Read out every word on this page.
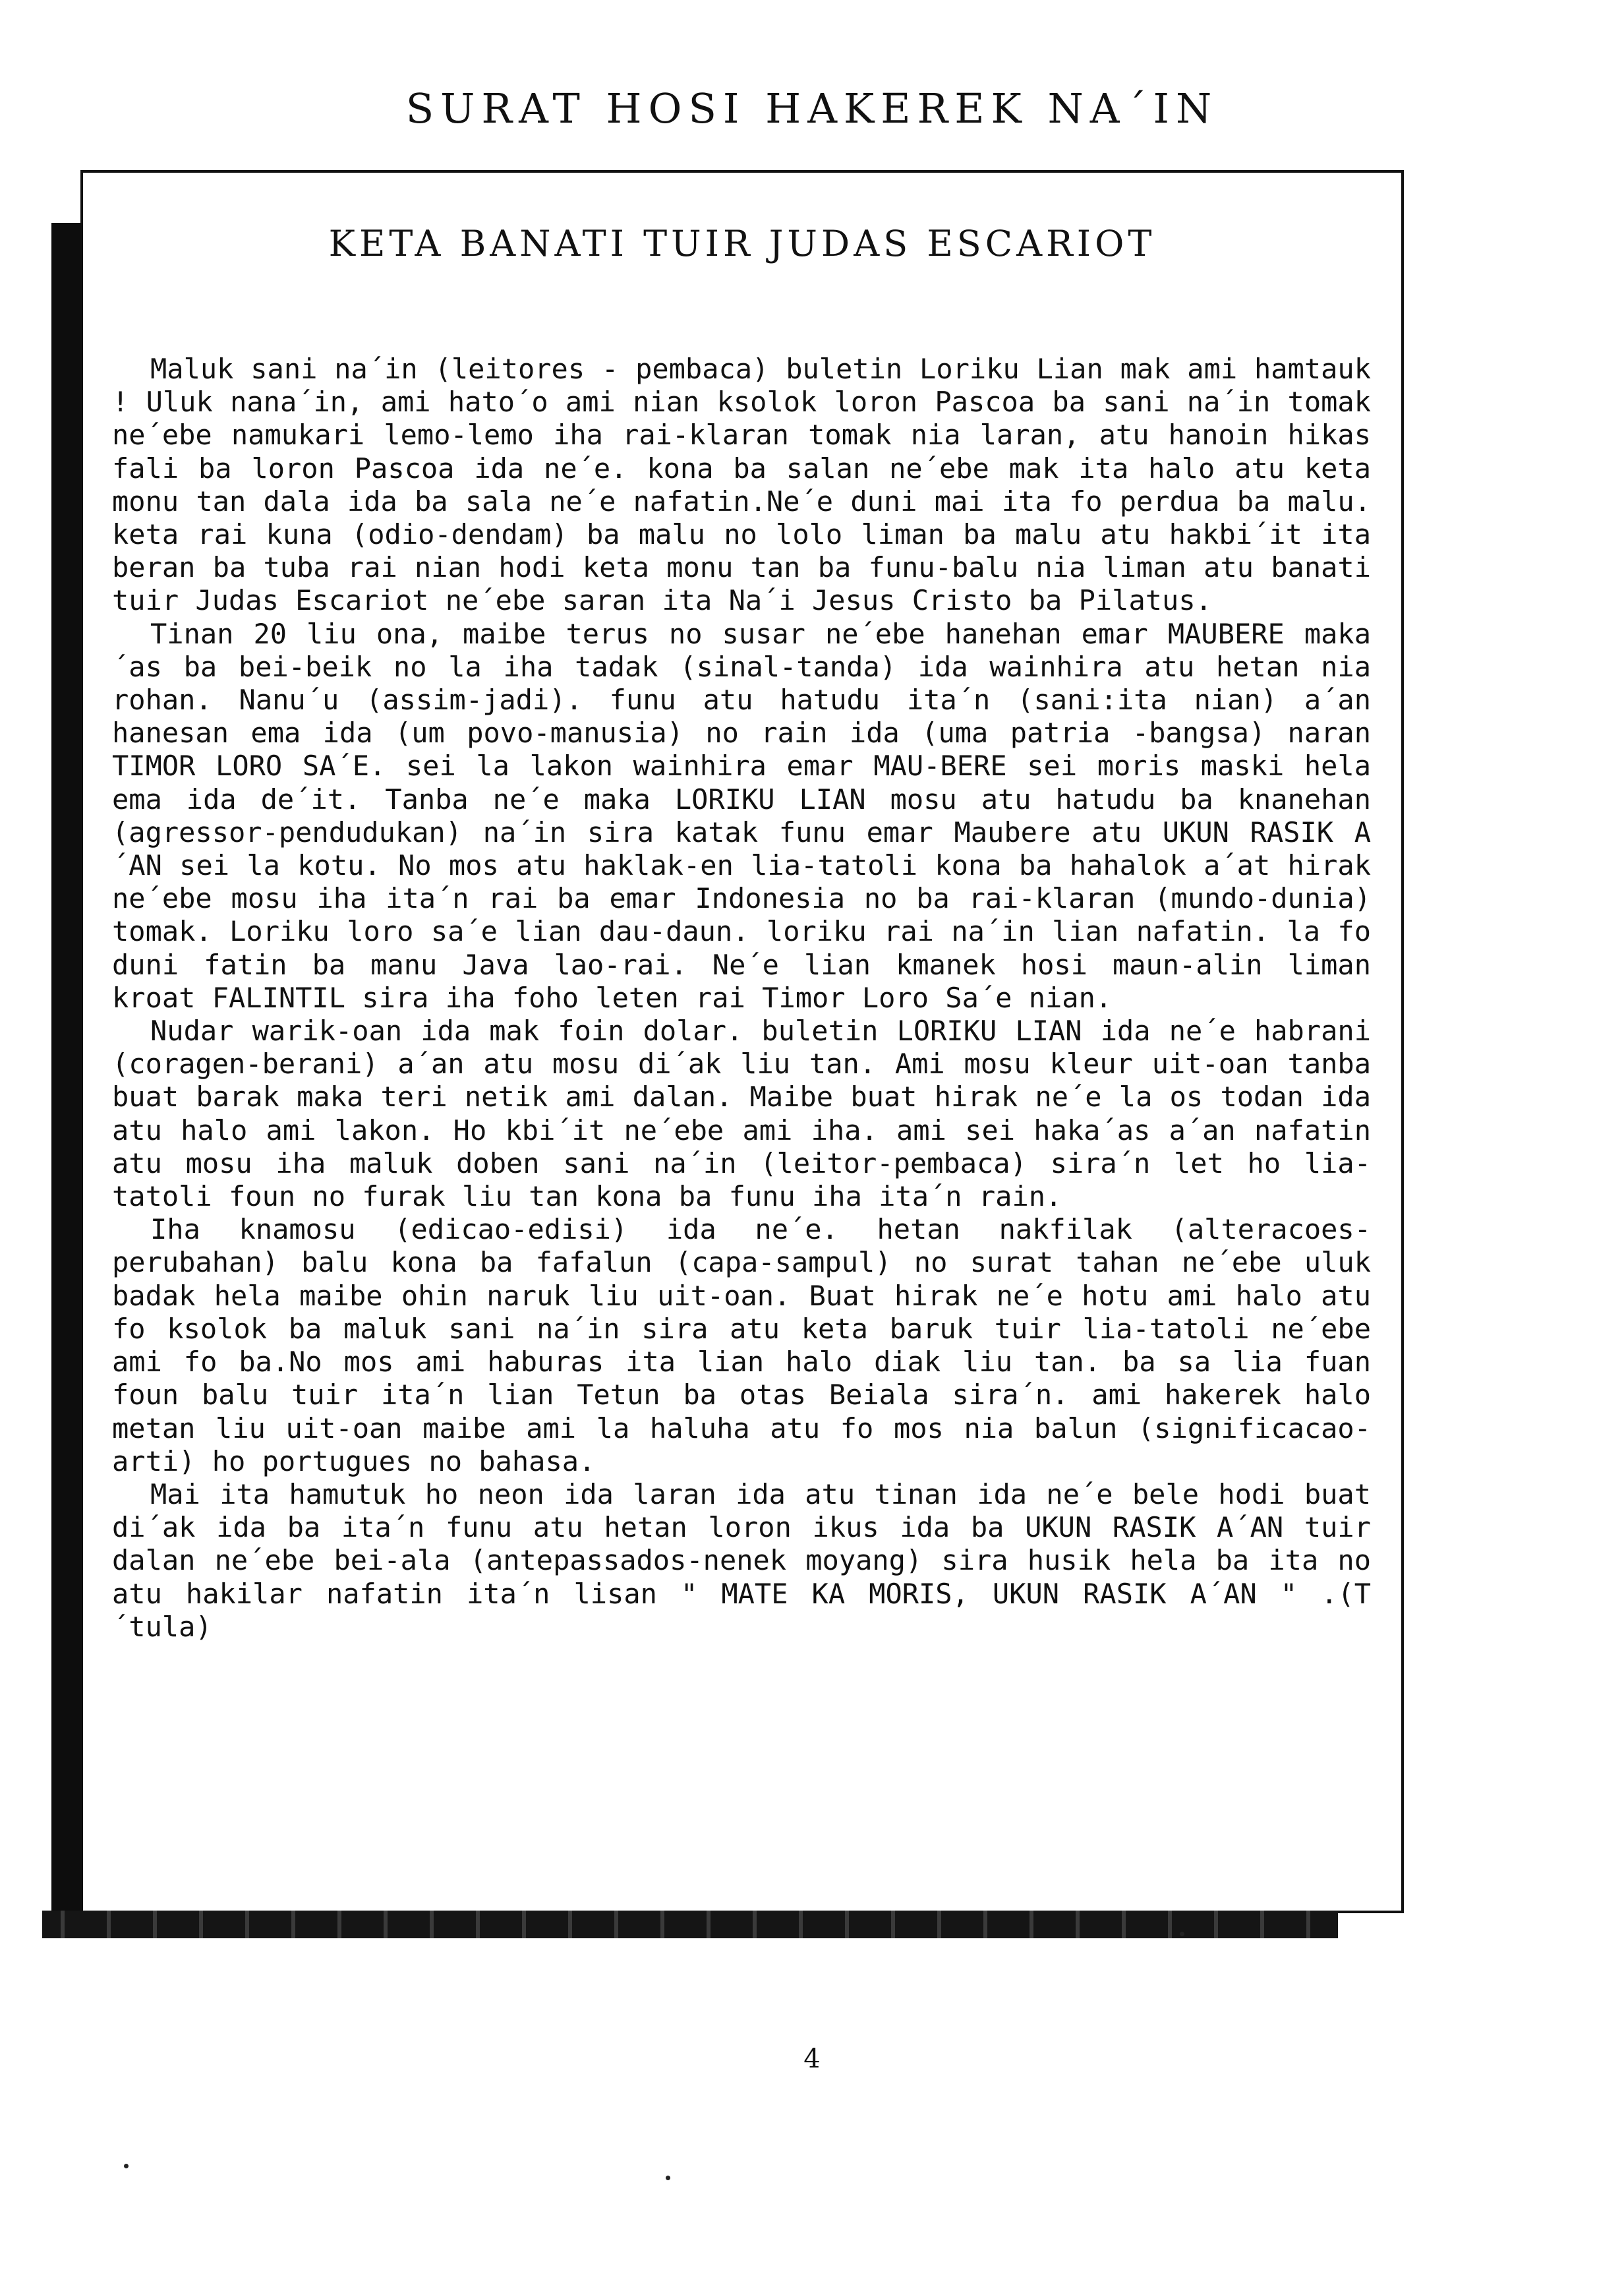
SURAT HOSI HAKEREK NA´IN
KETA BANATI TUIR JUDAS ESCARIOT

Maluk sani na´in (leitores - pembaca) buletin Loriku Lian mak ami hamtauk ! Uluk nana´in, ami hato´o ami nian ksolok loron Pascoa ba sani na´in tomak ne´ebe namukari lemo-lemo iha rai-klaran tomak nia laran, atu hanoin hikas fali ba loron Pascoa ida ne´e. kona ba salan ne´ebe mak ita halo atu keta monu tan dala ida ba sala ne´e nafatin.Ne´e duni mai ita fo perdua ba malu. keta rai kuna (odio-dendam) ba malu no lolo liman ba malu atu hakbi´it ita beran ba tuba rai nian hodi keta monu tan ba funu-balu nia liman atu banati tuir Judas Escariot ne´ebe saran ita Na´i Jesus Cristo ba Pilatus.

Tinan 20 liu ona, maibe terus no susar ne´ebe hanehan emar MAUBERE maka´as ba bei-beik no la iha tadak (sinal-tanda) ida wainhira atu hetan nia rohan. Nanu´u (assim-jadi). funu atu hatudu ita´n (sani:ita nian) a´an hanesan ema ida (um povo-manusia) no rain ida (uma patria -bangsa) naran TIMOR LORO SA´E. sei la lakon wainhira emar MAU-BERE sei moris maski hela ema ida de´it. Tanba ne´e maka LORIKU LIAN mosu atu hatudu ba knanehan (agressor-pendudukan) na´in sira katak funu emar Maubere atu UKUN RASIK A´AN sei la kotu. No mos atu haklak-en lia-tatoli kona ba hahalok a´at hirak ne´ebe mosu iha ita´n rai ba emar Indonesia no ba rai-klaran (mundo-dunia) tomak. Loriku loro sa´e lian dau-daun. loriku rai na´in lian nafatin. la fo duni fatin ba manu Java lao-rai. Ne´e lian kmanek hosi maun-alin liman kroat FALINTIL sira iha foho leten rai Timor Loro Sa´e nian.

Nudar warik-oan ida mak foin dolar. buletin LORIKU LIAN ida ne´e habrani (coragen-berani) a´an atu mosu di´ak liu tan. Ami mosu kleur uit-oan tanba buat barak maka teri netik ami dalan. Maibe buat hirak ne´e la os todan ida atu halo ami lakon. Ho kbi´it ne´ebe ami iha. ami sei haka´as a´an nafatin atu mosu iha maluk doben sani na´in (leitor-pembaca) sira´n let ho lia-tatoli foun no furak liu tan kona ba funu iha ita´n rain.

Iha knamosu (edicao-edisi) ida ne´e. hetan nakfilak (alteracoes-perubahan) balu kona ba fafalun (capa-sampul) no surat tahan ne´ebe uluk badak hela maibe ohin naruk liu uit-oan. Buat hirak ne´e hotu ami halo atu fo ksolok ba maluk sani na´in sira atu keta baruk tuir lia-tatoli ne´ebe ami fo ba.No mos ami haburas ita lian halo diak liu tan. ba sa lia fuan foun balu tuir ita´n lian Tetun ba otas Beiala sira´n. ami hakerek halo metan liu uit-oan maibe ami la haluha atu fo mos nia balun (significacao-arti) ho portugues no bahasa.

Mai ita hamutuk ho neon ida laran ida atu tinan ida ne´e bele hodi buat di´ak ida ba ita´n funu atu hetan loron ikus ida ba UKUN RASIK A´AN tuir dalan ne´ebe bei-ala (antepassados-nenek moyang) sira husik hela ba ita no atu hakilar nafatin ita´n lisan " MATE KA MORIS, UKUN RASIK A´AN " .(T´tula)

4
